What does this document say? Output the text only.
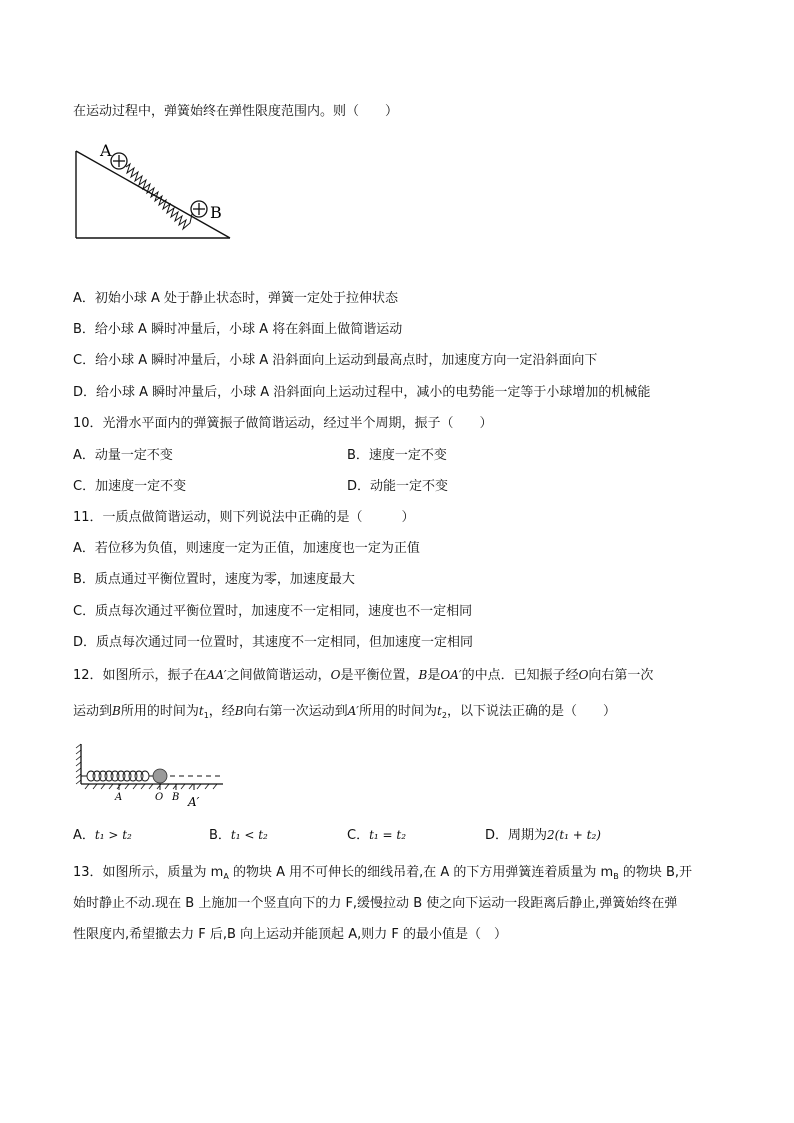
在运动过程中，弹簧始终在弹性限度范围内。则（　　）
A
B
A．初始小球 A 处于静止状态时，弹簧一定处于拉伸状态
B．给小球 A 瞬时冲量后，小球 A 将在斜面上做简谐运动
C．给小球 A 瞬时冲量后，小球 A 沿斜面向上运动到最高点时，加速度方向一定沿斜面向下
D．给小球 A 瞬时冲量后，小球 A 沿斜面向上运动过程中，减小的电势能一定等于小球增加的机械能
10．光滑水平面内的弹簧振子做简谐运动，经过半个周期，振子（　　）
A．动量一定不变	B．速度一定不变
C．加速度一定不变	D．动能一定不变
11．一质点做简谐运动，则下列说法中正确的是（　　　）
A．若位移为负值，则速度一定为正值，加速度也一定为正值
B．质点通过平衡位置时，速度为零，加速度最大
C．质点每次通过平衡位置时，加速度不一定相同，速度也不一定相同
D．质点每次通过同一位置时，其速度不一定相同，但加速度一定相同
12．如图所示，振子在AA′之间做简谐运动，O是平衡位置，B是OA′的中点．已知振子经O向右第一次
运动到B所用的时间为$t_1$，经B向右第一次运动到A′所用的时间为$t_2$，以下说法正确的是（　　）
A	O B A′
A．t₁ > t₂	B．t₁ < t₂	C．t₁ = t₂	D．周期为2(t₁ + t₂)
13．如图所示，质量为 $m_A$ 的物块 A 用不可伸长的细线吊着,在 A 的下方用弹簧连着质量为 $m_B$ 的物块 B,开
始时静止不动.现在 B 上施加一个竖直向下的力 F,缓慢拉动 B 使之向下运动一段距离后静止,弹簧始终在弹
性限度内,希望撤去力 F 后,B 向上运动并能顶起 A,则力 F 的最小值是（　）
